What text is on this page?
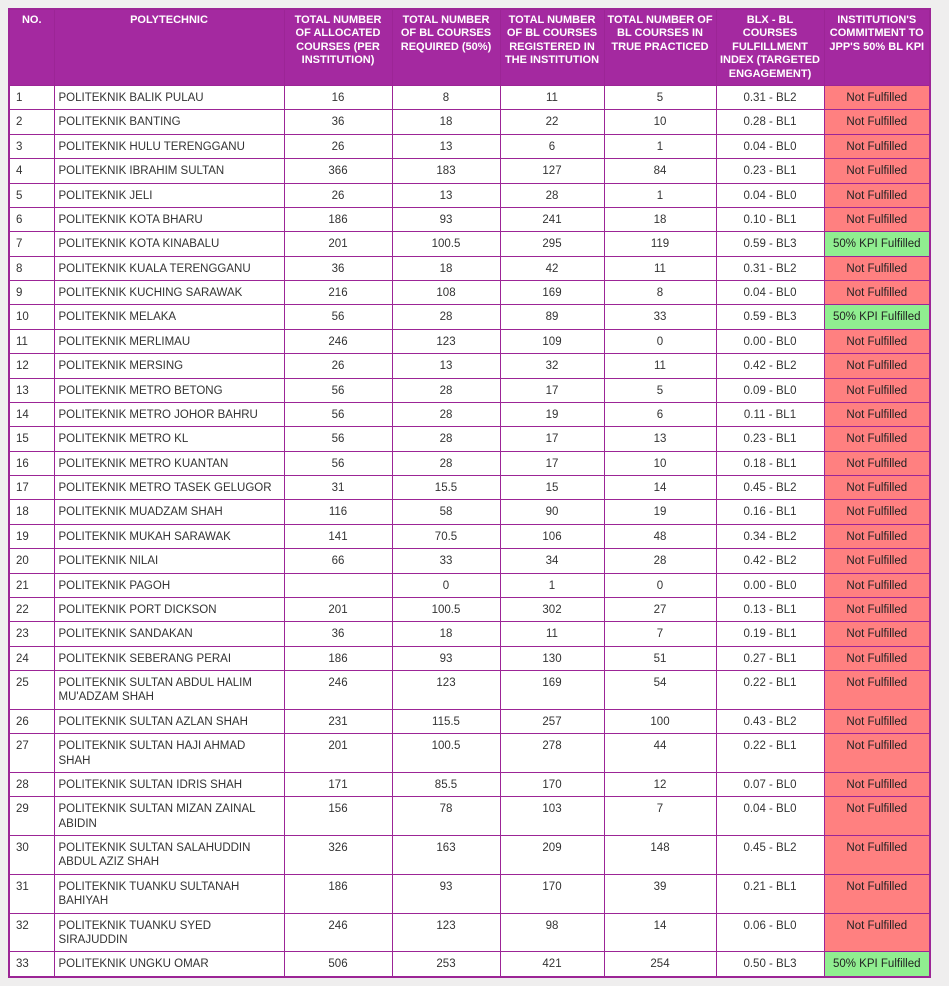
NO.	POLYTECHNIC	TOTAL NUMBER OF ALLOCATED COURSES (PER INSTITUTION)	TOTAL NUMBER OF BL COURSES REQUIRED (50%)	TOTAL NUMBER OF BL COURSES REGISTERED IN THE INSTITUTION	TOTAL NUMBER OF BL COURSES IN TRUE PRACTICED	BLX - BL COURSES FULFILLMENT INDEX (TARGETED ENGAGEMENT)	INSTITUTION'S COMMITMENT TO JPP'S 50% BL KPI
1	POLITEKNIK BALIK PULAU	16	8	11	5	0.31 - BL2	Not Fulfilled
2	POLITEKNIK BANTING	36	18	22	10	0.28 - BL1	Not Fulfilled
3	POLITEKNIK HULU TERENGGANU	26	13	6	1	0.04 - BL0	Not Fulfilled
4	POLITEKNIK IBRAHIM SULTAN	366	183	127	84	0.23 - BL1	Not Fulfilled
5	POLITEKNIK JELI	26	13	28	1	0.04 - BL0	Not Fulfilled
6	POLITEKNIK KOTA BHARU	186	93	241	18	0.10 - BL1	Not Fulfilled
7	POLITEKNIK KOTA KINABALU	201	100.5	295	119	0.59 - BL3	50% KPI Fulfilled
8	POLITEKNIK KUALA TERENGGANU	36	18	42	11	0.31 - BL2	Not Fulfilled
9	POLITEKNIK KUCHING SARAWAK	216	108	169	8	0.04 - BL0	Not Fulfilled
10	POLITEKNIK MELAKA	56	28	89	33	0.59 - BL3	50% KPI Fulfilled
11	POLITEKNIK MERLIMAU	246	123	109	0	0.00 - BL0	Not Fulfilled
12	POLITEKNIK MERSING	26	13	32	11	0.42 - BL2	Not Fulfilled
13	POLITEKNIK METRO BETONG	56	28	17	5	0.09 - BL0	Not Fulfilled
14	POLITEKNIK METRO JOHOR BAHRU	56	28	19	6	0.11 - BL1	Not Fulfilled
15	POLITEKNIK METRO KL	56	28	17	13	0.23 - BL1	Not Fulfilled
16	POLITEKNIK METRO KUANTAN	56	28	17	10	0.18 - BL1	Not Fulfilled
17	POLITEKNIK METRO TASEK GELUGOR	31	15.5	15	14	0.45 - BL2	Not Fulfilled
18	POLITEKNIK MUADZAM SHAH	116	58	90	19	0.16 - BL1	Not Fulfilled
19	POLITEKNIK MUKAH SARAWAK	141	70.5	106	48	0.34 - BL2	Not Fulfilled
20	POLITEKNIK NILAI	66	33	34	28	0.42 - BL2	Not Fulfilled
21	POLITEKNIK PAGOH		0	1	0	0.00 - BL0	Not Fulfilled
22	POLITEKNIK PORT DICKSON	201	100.5	302	27	0.13 - BL1	Not Fulfilled
23	POLITEKNIK SANDAKAN	36	18	11	7	0.19 - BL1	Not Fulfilled
24	POLITEKNIK SEBERANG PERAI	186	93	130	51	0.27 - BL1	Not Fulfilled
25	POLITEKNIK SULTAN ABDUL HALIM MU'ADZAM SHAH	246	123	169	54	0.22 - BL1	Not Fulfilled
26	POLITEKNIK SULTAN AZLAN SHAH	231	115.5	257	100	0.43 - BL2	Not Fulfilled
27	POLITEKNIK SULTAN HAJI AHMAD SHAH	201	100.5	278	44	0.22 - BL1	Not Fulfilled
28	POLITEKNIK SULTAN IDRIS SHAH	171	85.5	170	12	0.07 - BL0	Not Fulfilled
29	POLITEKNIK SULTAN MIZAN ZAINAL ABIDIN	156	78	103	7	0.04 - BL0	Not Fulfilled
30	POLITEKNIK SULTAN SALAHUDDIN ABDUL AZIZ SHAH	326	163	209	148	0.45 - BL2	Not Fulfilled
31	POLITEKNIK TUANKU SULTANAH BAHIYAH	186	93	170	39	0.21 - BL1	Not Fulfilled
32	POLITEKNIK TUANKU SYED SIRAJUDDIN	246	123	98	14	0.06 - BL0	Not Fulfilled
33	POLITEKNIK UNGKU OMAR	506	253	421	254	0.50 - BL3	50% KPI Fulfilled
